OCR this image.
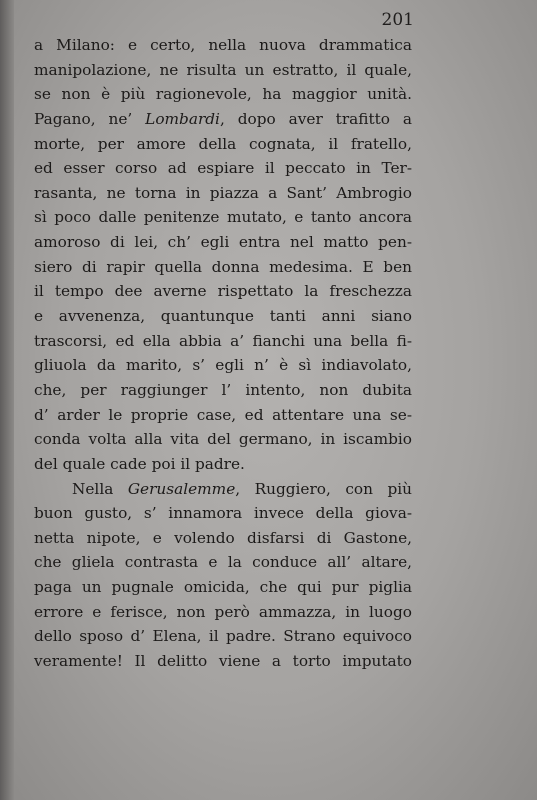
201
a Milano: e certo, nella nuova drammatica
manipolazione, ne risulta un estratto, il quale,
se non è più ragionevole, ha maggior unità.
Pagano, ne’ Lombardi, dopo aver trafitto a
morte, per amore della cognata, il fratello,
ed esser corso ad espiare il peccato in Ter-
rasanta, ne torna in piazza a Sant’ Ambrogio
sì poco dalle penitenze mutato, e tanto ancora
amoroso di lei, ch’ egli entra nel matto pen-
siero di rapir quella donna medesima. E ben
il tempo dee averne rispettato la freschezza
e avvenenza, quantunque tanti anni siano
trascorsi, ed ella abbia a’ fianchi una bella fi-
gliuola da marito, s’ egli n’ è sì indiavolato,
che, per raggiunger l’ intento, non dubita
d’ arder le proprie case, ed attentare una se-
conda volta alla vita del germano, in iscambio
del quale cade poi il padre.
Nella Gerusalemme, Ruggiero, con più
buon gusto, s’ innamora invece della giova-
netta nipote, e volendo disfarsi di Gastone,
che gliela contrasta e la conduce all’ altare,
paga un pugnale omicida, che qui pur piglia
errore e ferisce, non però ammazza, in luogo
dello sposo d’ Elena, il padre. Strano equivoco
veramente! Il delitto viene a torto imputato
